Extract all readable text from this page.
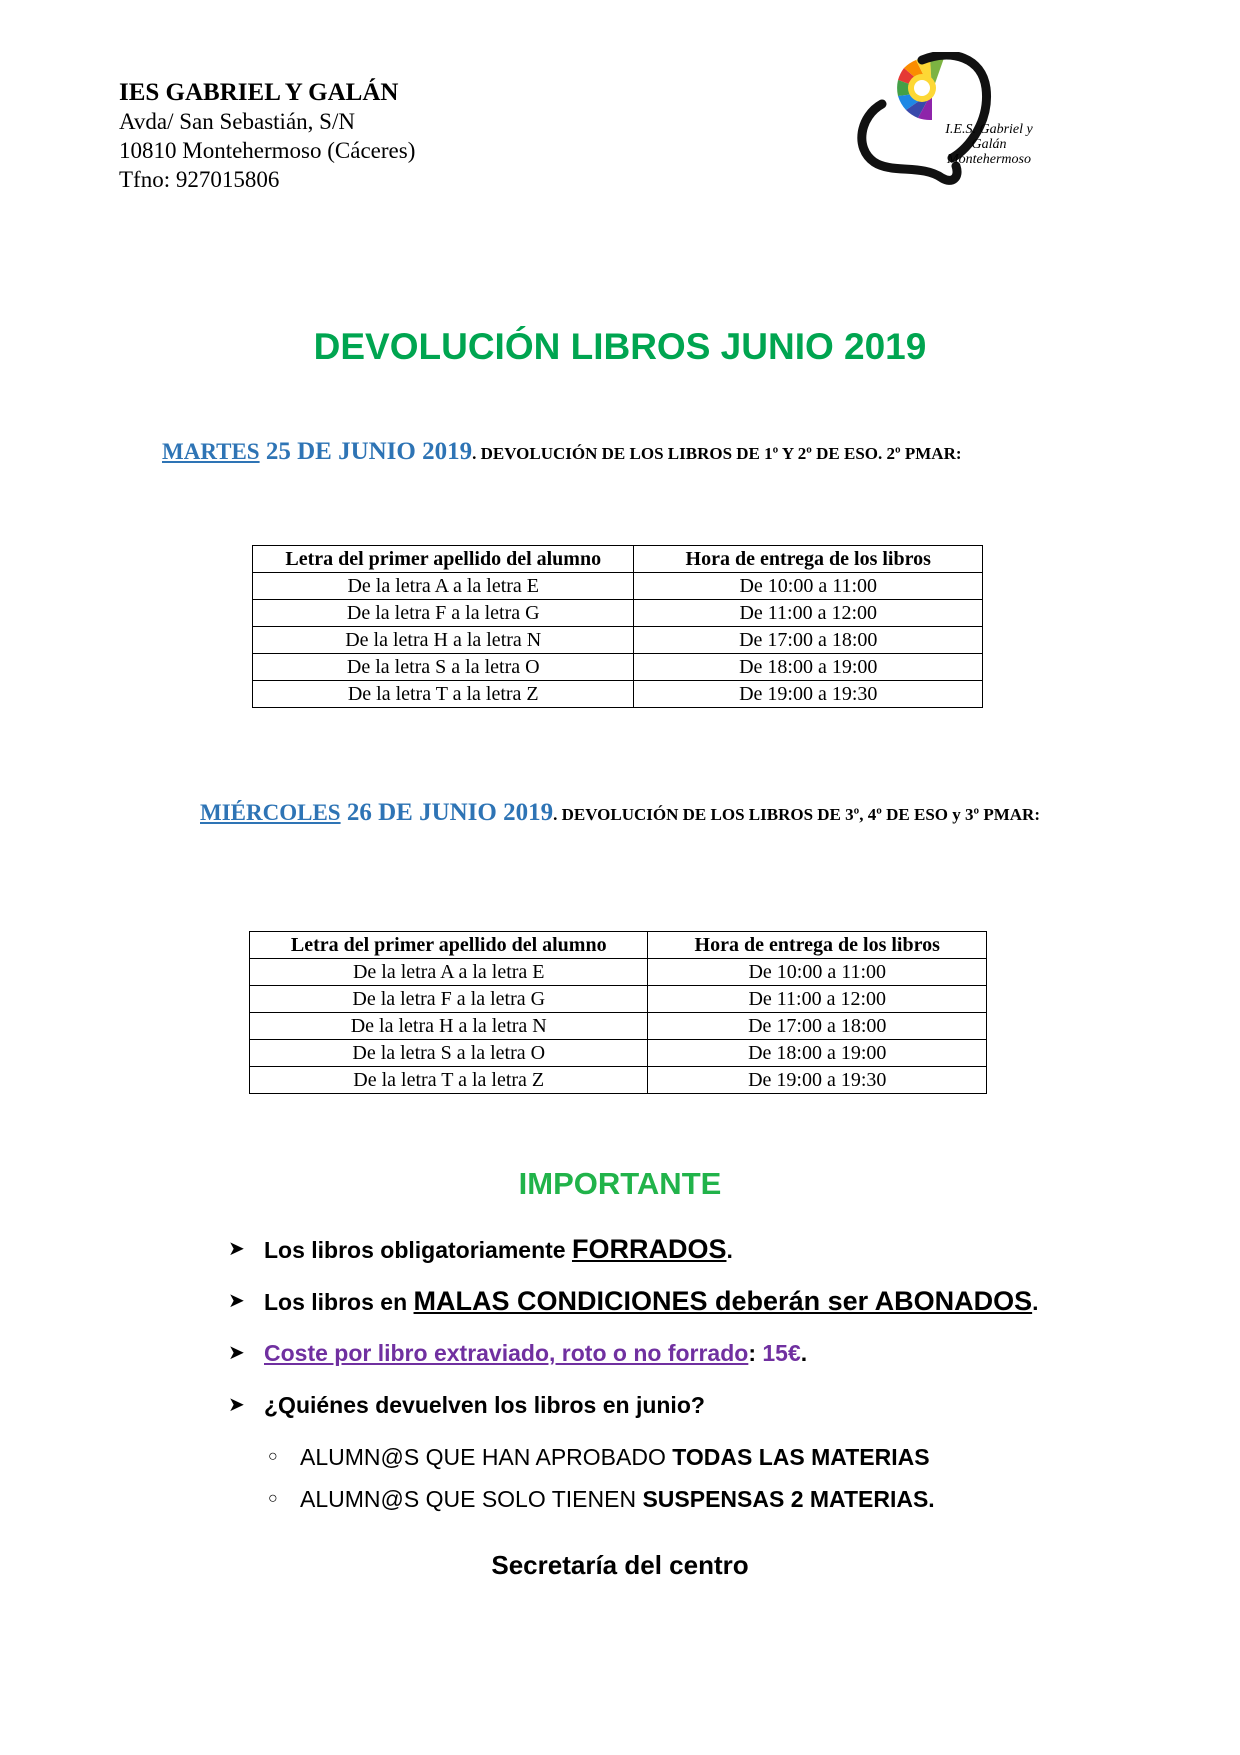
IES GABRIEL Y GALÁN
Avda/ San Sebastián, S/N
10810 Montehermoso (Cáceres)
Tfno: 927015806
I.E.S. Gabriel y Galán
Montehermoso
DEVOLUCIÓN LIBROS JUNIO 2019
MARTES 25 DE JUNIO 2019. DEVOLUCIÓN DE LOS LIBROS DE 1º Y 2º DE ESO. 2º PMAR:
Letra del primer apellido del alumno	Hora de entrega de los libros
De la letra A a la letra E	De 10:00 a 11:00
De la letra F a la letra G	De 11:00 a 12:00
De la letra H a la letra N	De 17:00 a 18:00
De la letra S a la letra O	De 18:00 a 19:00
De la letra T a la letra Z	De 19:00 a 19:30
MIÉRCOLES 26 DE JUNIO 2019. DEVOLUCIÓN DE LOS LIBROS DE 3º, 4º DE ESO y 3º PMAR:
Letra del primer apellido del alumno	Hora de entrega de los libros
De la letra A a la letra E	De 10:00 a 11:00
De la letra F a la letra G	De 11:00 a 12:00
De la letra H a la letra N	De 17:00 a 18:00
De la letra S a la letra O	De 18:00 a 19:00
De la letra T a la letra Z	De 19:00 a 19:30
IMPORTANTE
➤ Los libros obligatoriamente FORRADOS.
➤ Los libros en MALAS CONDICIONES deberán ser ABONADOS.
➤ Coste por libro extraviado, roto o no forrado: 15€.
➤ ¿Quiénes devuelven los libros en junio?
○ ALUMN@S QUE HAN APROBADO TODAS LAS MATERIAS
○ ALUMN@S QUE SOLO TIENEN SUSPENSAS 2 MATERIAS.
Secretaría del centro
